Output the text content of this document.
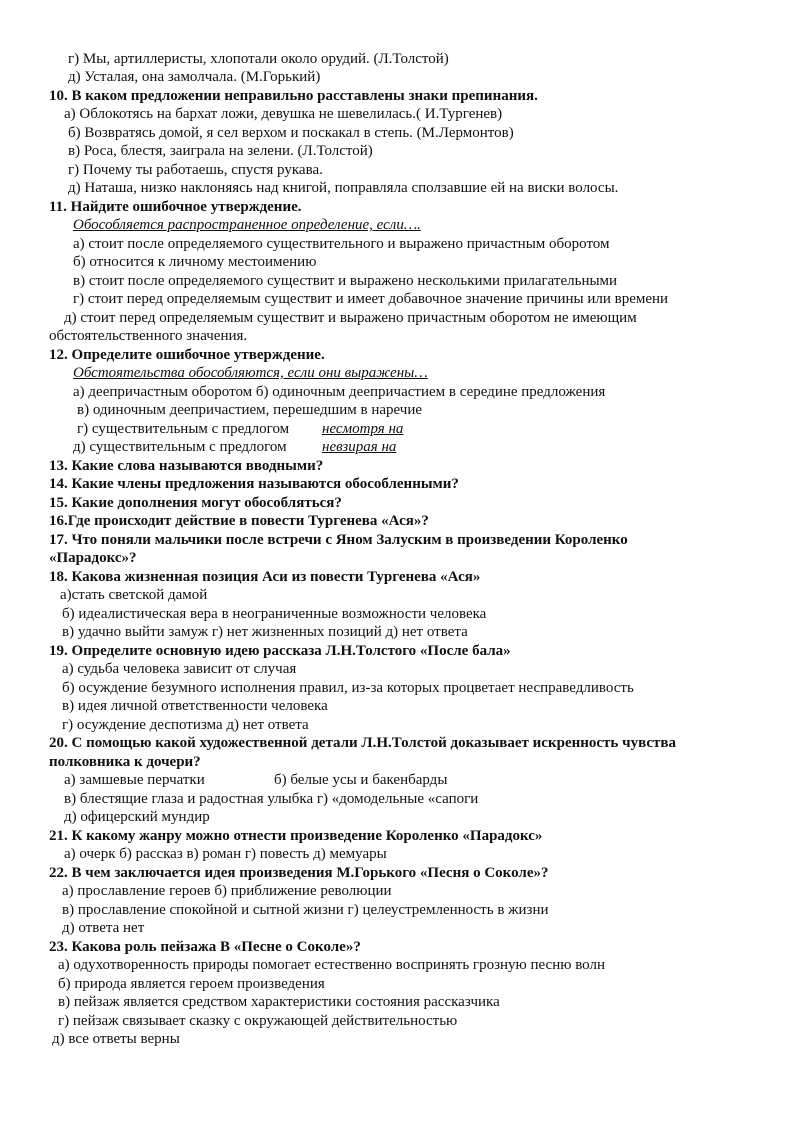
г) Мы, артиллеристы, хлопотали около орудий. (Л.Толстой)
д) Усталая, она замолчала. (М.Горький)
10. В каком предложении неправильно расставлены знаки препинания.
а) Облокотясь на бархат ложи, девушка не шевелилась.( И.Тургенев)
б) Возвратясь домой, я сел верхом и поскакал в степь. (М.Лермонтов)
в) Роса, блестя, заиграла на зелени. (Л.Толстой)
г) Почему ты работаешь, спустя рукава.
д) Наташа, низко наклоняясь над книгой, поправляла сползавшие ей на виски волосы.
11. Найдите ошибочное утверждение.
Обособляется распространенное определение, если….
а) стоит после определяемого существительного и выражено причастным оборотом
б) относится к личному местоимению
в) стоит после определяемого существит и выражено несколькими прилагательными
г) стоит перед определяемым существит и имеет добавочное значение причины или времени
д) стоит перед определяемым существит и выражено причастным оборотом не имеющим
обстоятельственного значения.
12. Определите ошибочное утверждение.
Обстоятельства обособляются, если они выражены…
а) деепричастным оборотом б) одиночным деепричастием в середине предложения
в) одиночным деепричастием, перешедшим в наречие
г) существительным с предлогом несмотря на
д) существительным с предлогом невзирая на
13. Какие слова называются вводными?
14. Какие члены предложения называются обособленными?
15. Какие дополнения могут обособляться?
16.Где происходит действие в повести Тургенева «Ася»?
17. Что поняли мальчики после встречи с Яном Залуским в произведении Короленко
«Парадокс»?
18. Какова жизненная позиция Аси из повести Тургенева «Ася»
а)стать светской дамой
б) идеалистическая вера в неограниченные возможности человека
в) удачно выйти замуж г) нет жизненных позиций д) нет ответа
19. Определите основную идею рассказа Л.Н.Толстого «После бала»
а) судьба человека зависит от случая
б) осуждение безумного исполнения правил, из-за которых процветает несправедливость
в) идея личной ответственности человека
г) осуждение деспотизма д) нет ответа
20. С помощью какой художественной детали Л.Н.Толстой доказывает искренность чувства
полковника к дочери?
а) замшевые перчатки	б) белые усы и бакенбарды
в) блестящие глаза и радостная улыбка г) «домодельные «сапоги
д) офицерский мундир
21. К какому жанру можно отнести произведение Короленко «Парадокс»
а) очерк б) рассказ в) роман г) повесть д) мемуары
22. В чем заключается идея произведения М.Горького «Песня о Соколе»?
а) прославление героев б) приближение революции
в) прославление спокойной и сытной жизни г) целеустремленность в жизни
д) ответа нет
23. Какова роль пейзажа В «Песне о Соколе»?
а) одухотворенность природы помогает естественно воспринять грозную песню волн
б) природа является героем произведения
в) пейзаж является средством характеристики состояния рассказчика
г) пейзаж связывает сказку с окружающей действительностью
д) все ответы верны
